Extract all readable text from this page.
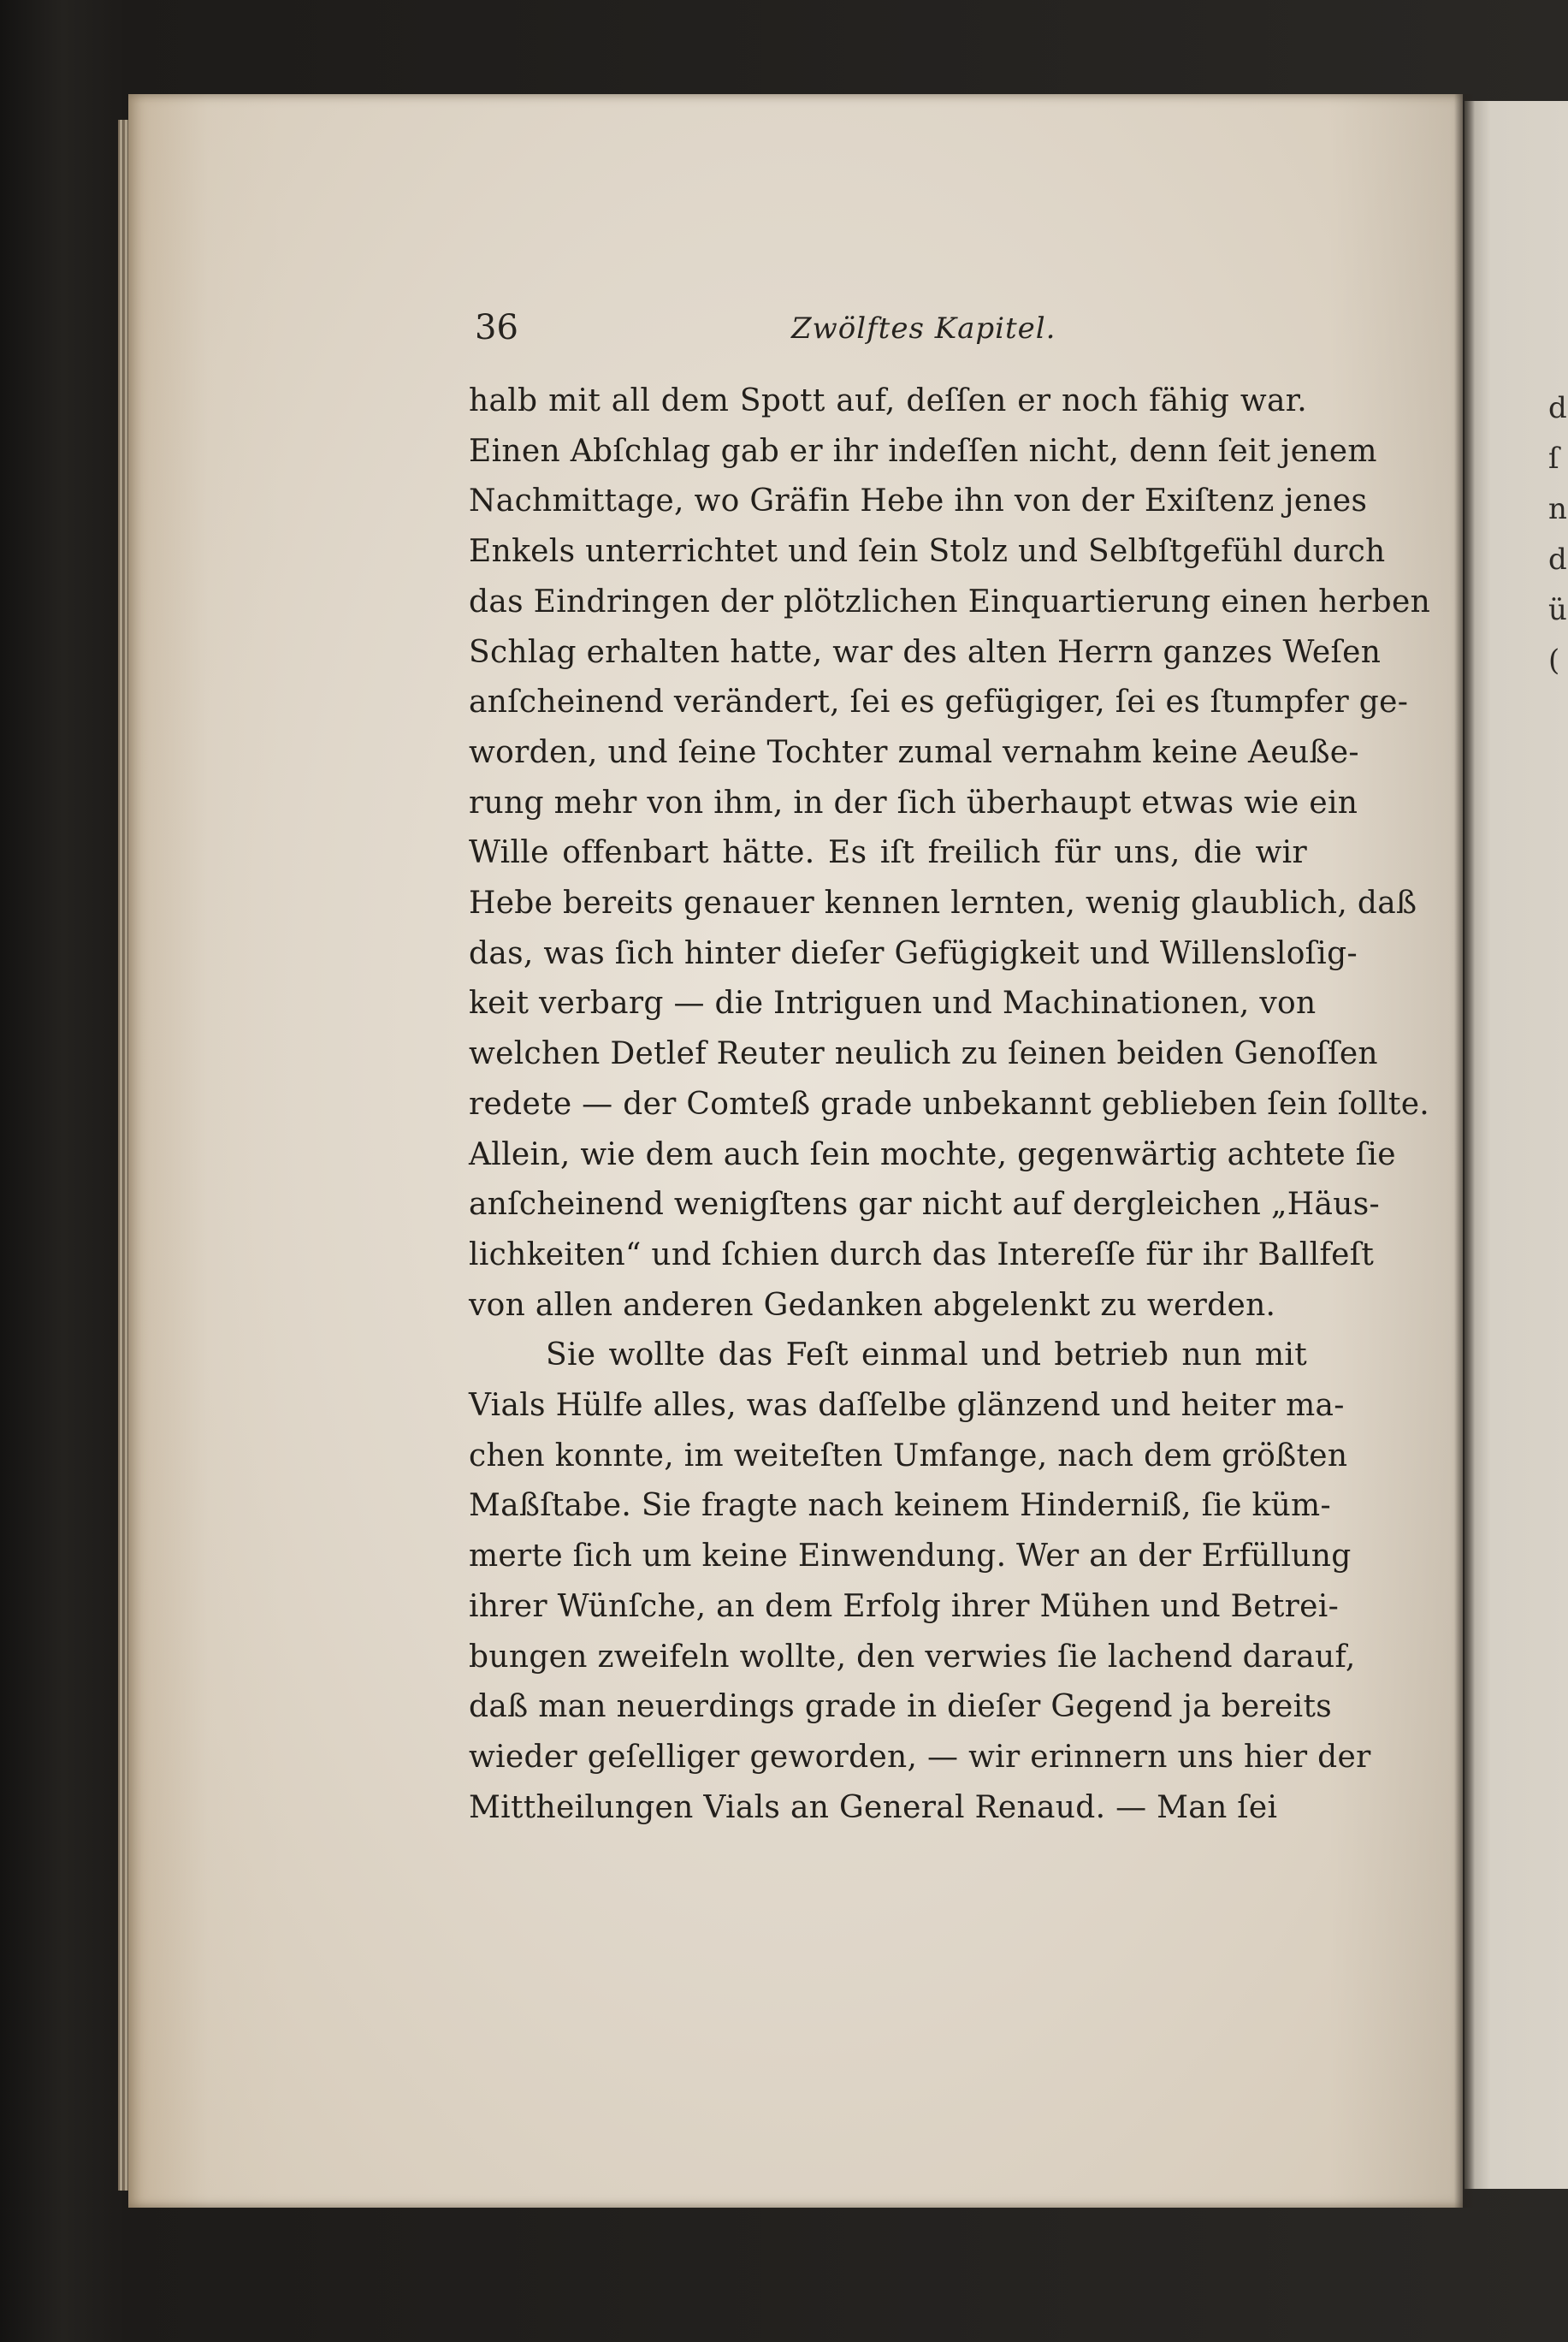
d
ſ
n
d
ü
(

36	Zwölftes Kapitel.
halb mit all dem Spott auf, deſſen er noch fähig war.
Einen Abſchlag gab er ihr indeſſen nicht, denn ſeit jenem
Nachmittage, wo Gräfin Hebe ihn von der Exiſtenz jenes
Enkels unterrichtet und ſein Stolz und Selbſtgefühl durch
das Eindringen der plötzlichen Einquartierung einen herben
Schlag erhalten hatte, war des alten Herrn ganzes Weſen
anſcheinend verändert, ſei es gefügiger, ſei es ſtumpfer ge-
worden, und ſeine Tochter zumal vernahm keine Aeuße-
rung mehr von ihm, in der ſich überhaupt etwas wie ein
Wille offenbart hätte. Es iſt freilich für uns, die wir
Hebe bereits genauer kennen lernten, wenig glaublich, daß
das, was ſich hinter dieſer Gefügigkeit und Willensloſig-
keit verbarg — die Intriguen und Machinationen, von
welchen Detlef Reuter neulich zu ſeinen beiden Genoſſen
redete — der Comteß grade unbekannt geblieben ſein ſollte.
Allein, wie dem auch ſein mochte, gegenwärtig achtete ſie
anſcheinend wenigſtens gar nicht auf dergleichen „Häus-
lichkeiten“ und ſchien durch das Intereſſe für ihr Ballfeſt
von allen anderen Gedanken abgelenkt zu werden.
Sie wollte das Feſt einmal und betrieb nun mit
Vials Hülfe alles, was daſſelbe glänzend und heiter ma-
chen konnte, im weiteſten Umfange, nach dem größten
Maßſtabe. Sie fragte nach keinem Hinderniß, ſie küm-
merte ſich um keine Einwendung. Wer an der Erfüllung
ihrer Wünſche, an dem Erfolg ihrer Mühen und Betrei-
bungen zweifeln wollte, den verwies ſie lachend darauf,
daß man neuerdings grade in dieſer Gegend ja bereits
wieder geſelliger geworden, — wir erinnern uns hier der
Mittheilungen Vials an General Renaud. — Man ſei
